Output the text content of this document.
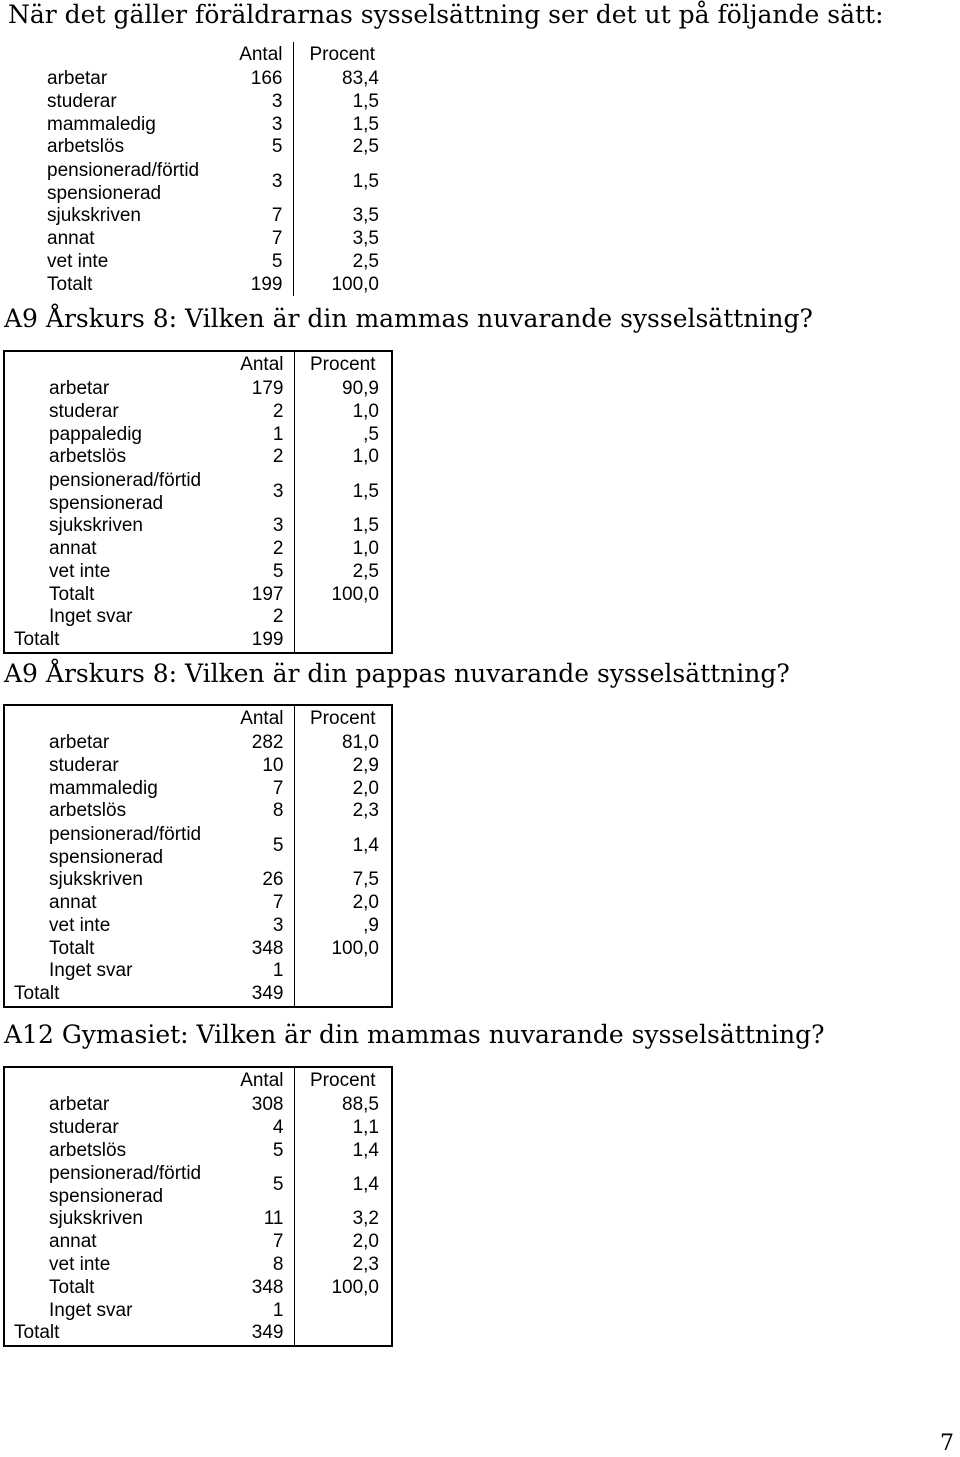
När det gäller föräldrarnas sysselsättning ser det ut på följande sätt:
	Antal	Procent
arbetar	166	83,4
studerar	3	1,5
mammaledig	3	1,5
arbetslös	5	2,5
pensionerad/förtid spensionerad	3	1,5
sjukskriven	7	3,5
annat	7	3,5
vet inte	5	2,5
Totalt	199	100,0
A9 Årskurs 8: Vilken är din mammas nuvarande sysselsättning?
	Antal	Procent
arbetar	179	90,9
studerar	2	1,0
pappaledig	1	,5
arbetslös	2	1,0
pensionerad/förtid spensionerad	3	1,5
sjukskriven	3	1,5
annat	2	1,0
vet inte	5	2,5
Totalt	197	100,0
Inget svar	2	
Totalt	199	
A9 Årskurs 8: Vilken är din pappas nuvarande sysselsättning?
	Antal	Procent
arbetar	282	81,0
studerar	10	2,9
mammaledig	7	2,0
arbetslös	8	2,3
pensionerad/förtid spensionerad	5	1,4
sjukskriven	26	7,5
annat	7	2,0
vet inte	3	,9
Totalt	348	100,0
Inget svar	1	
Totalt	349	
A12 Gymasiet: Vilken är din mammas nuvarande sysselsättning?
	Antal	Procent
arbetar	308	88,5
studerar	4	1,1
arbetslös	5	1,4
pensionerad/förtid spensionerad	5	1,4
sjukskriven	11	3,2
annat	7	2,0
vet inte	8	2,3
Totalt	348	100,0
Inget svar	1	
Totalt	349	
7
